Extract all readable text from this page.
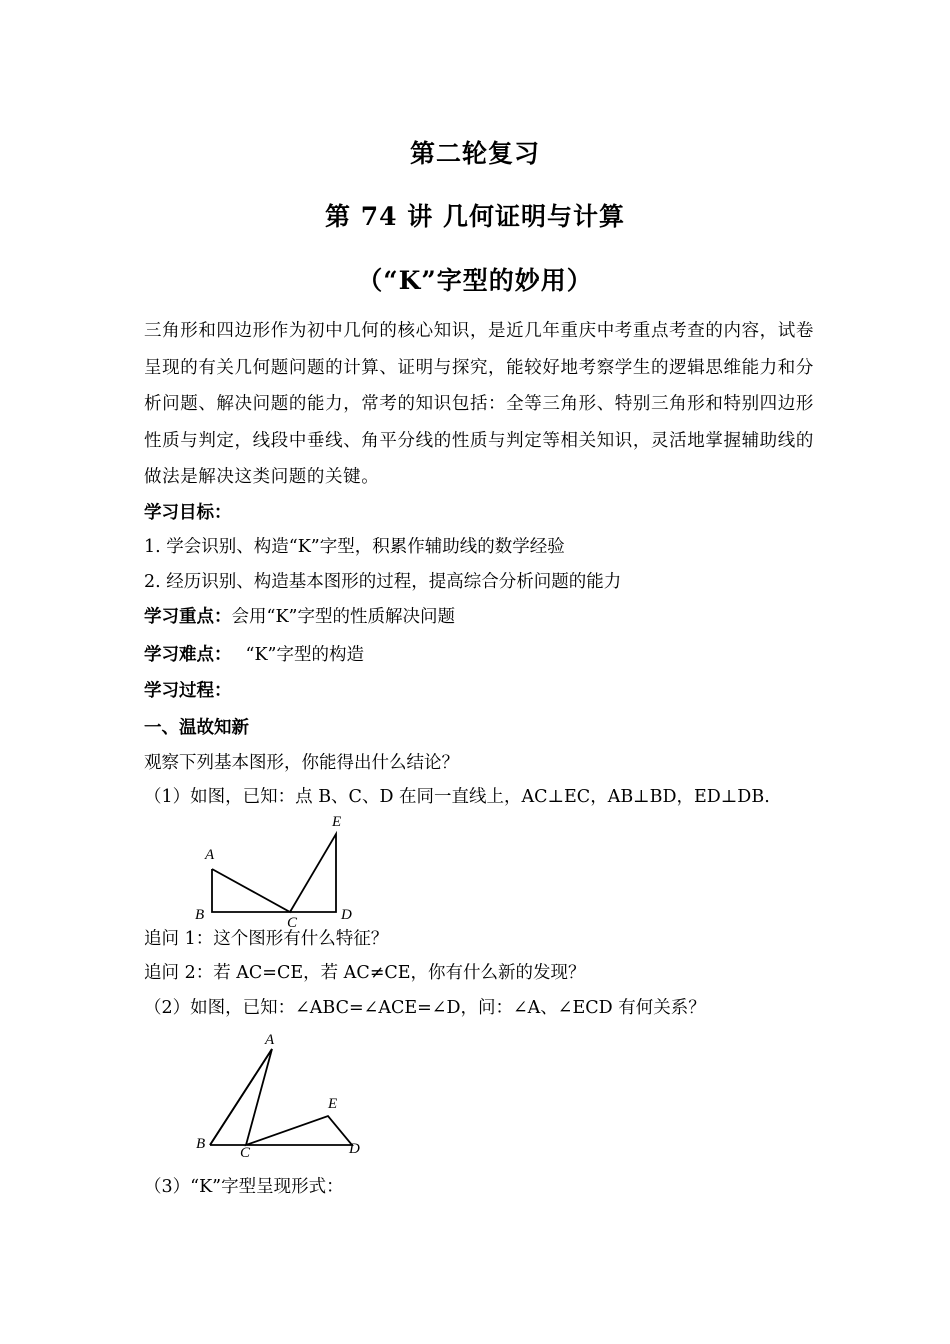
第二轮复习
第 74 讲 几何证明与计算
（“K”字型的妙用）
三角形和四边形作为初中几何的核心知识，是近几年重庆中考重点考查的内容，试卷呈现的有关几何题问题的计算、证明与探究，能较好地考察学生的逻辑思维能力和分析问题、解决问题的能力，常考的知识包括：全等三角形、特别三角形和特别四边形性质与判定，线段中垂线、角平分线的性质与判定等相关知识，灵活地掌握辅助线的做法是解决这类问题的关键。
学习目标：
1. 学会识别、构造“K”字型，积累作辅助线的数学经验
2. 经历识别、构造基本图形的过程，提高综合分析问题的能力
学习重点：会用“K”字型的性质解决问题
学习难点： “K”字型的构造
学习过程：
一、温故知新
观察下列基本图形，你能得出什么结论？
（1）如图，已知：点 B、C、D 在同一直线上，AC⊥EC，AB⊥BD，ED⊥DB.
A
B	C	D
E
追问 1：这个图形有什么特征？
追问 2：若 AC=CE，若 AC≠CE，你有什么新的发现？
（2）如图，已知：∠ABC=∠ACE=∠D，问：∠A、∠ECD 有何关系？
A
B
C	D
E
（3）“K”字型呈现形式：
